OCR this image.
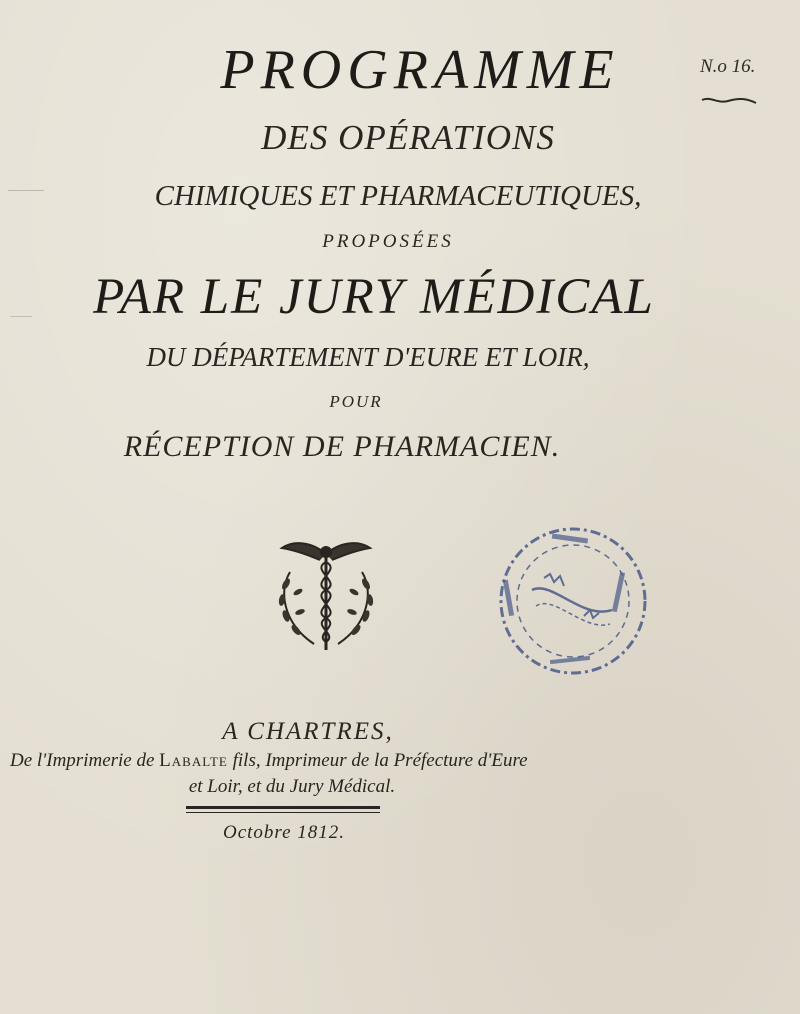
PROGRAMME	N.o 16.
DES OPÉRATIONS
CHIMIQUES ET PHARMACEUTIQUES,
PROPOSÉES
PAR LE JURY MÉDICAL
DU DÉPARTEMENT D'EURE ET LOIR,
POUR
RÉCEPTION DE PHARMACIEN.
A CHARTRES,
De l'Imprimerie de Labalte fils, Imprimeur de la Préfecture d'Eure
et Loir, et du Jury Médical.
Octobre 1812.
